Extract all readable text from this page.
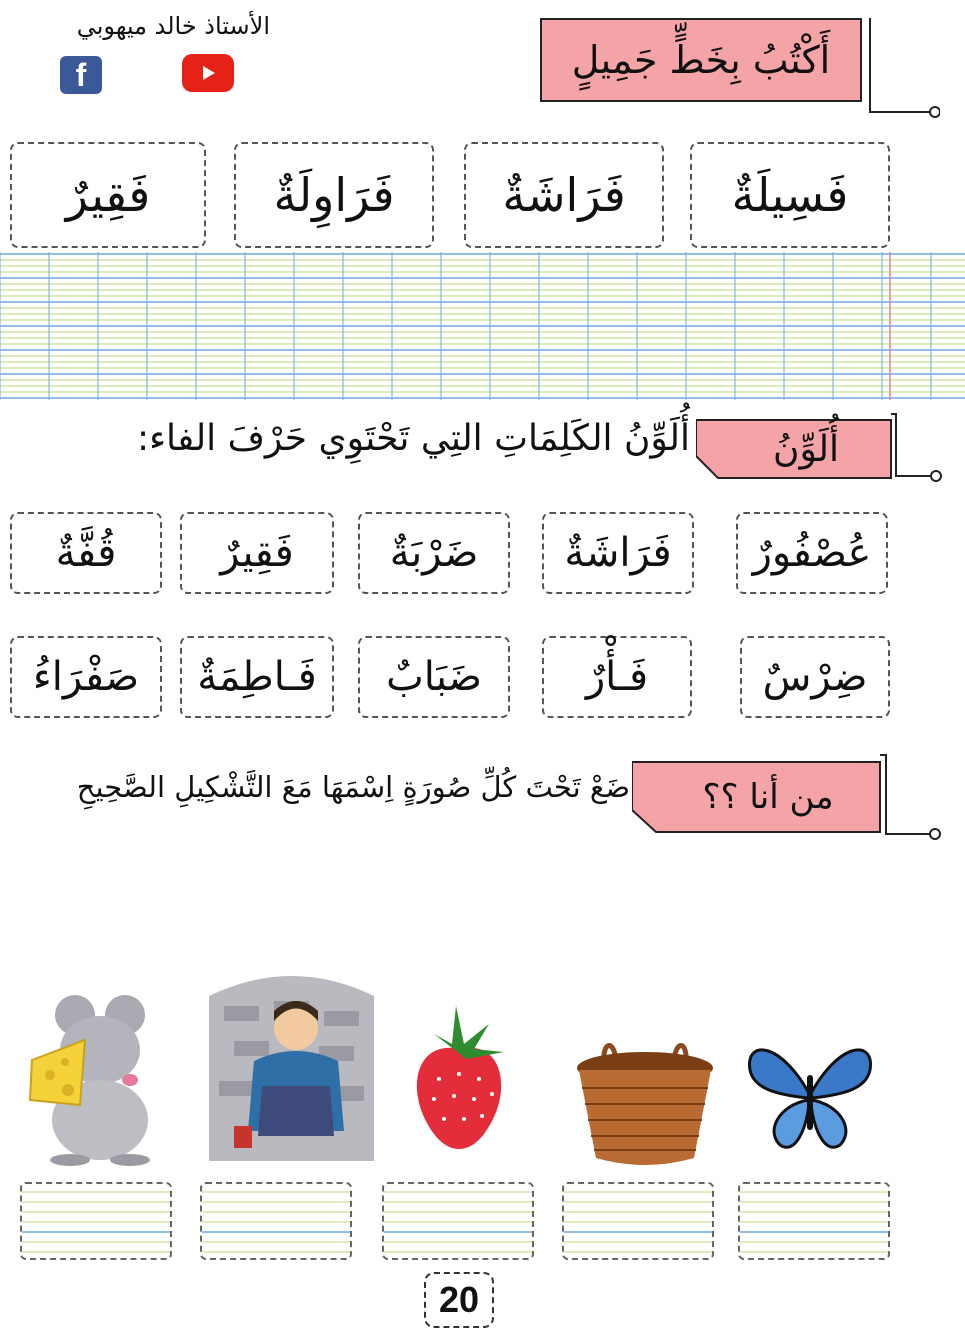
الأستاذ خالد ميهوبي
f	أَكْتُبُ بِخَطٍّ جَمِيلٍ
فَسِيلَةٌ
فَرَاشَةٌ
فَرَاوِلَةٌ
فَقِيرٌ
أُلَوِّنُ الكَلِمَاتِ التِي تَحْتَوِي حَرْفَ الفاء:	أُلَوِّنُ
عُصْفُورٌ
فَرَاشَةٌ
ضَرْبَةٌ
فَقِيرٌ
قُفَّةٌ
ضِرْسٌ
فَـأْرٌ
ضَبَابٌ
فَـاطِمَةٌ
صَفْرَاءُ
ضَعْ تَحْتَ كُلِّ صُورَةٍ اِسْمَهَا مَعَ التَّشْكِيلِ الصَّحِيحِ	من أنا ؟؟
20
